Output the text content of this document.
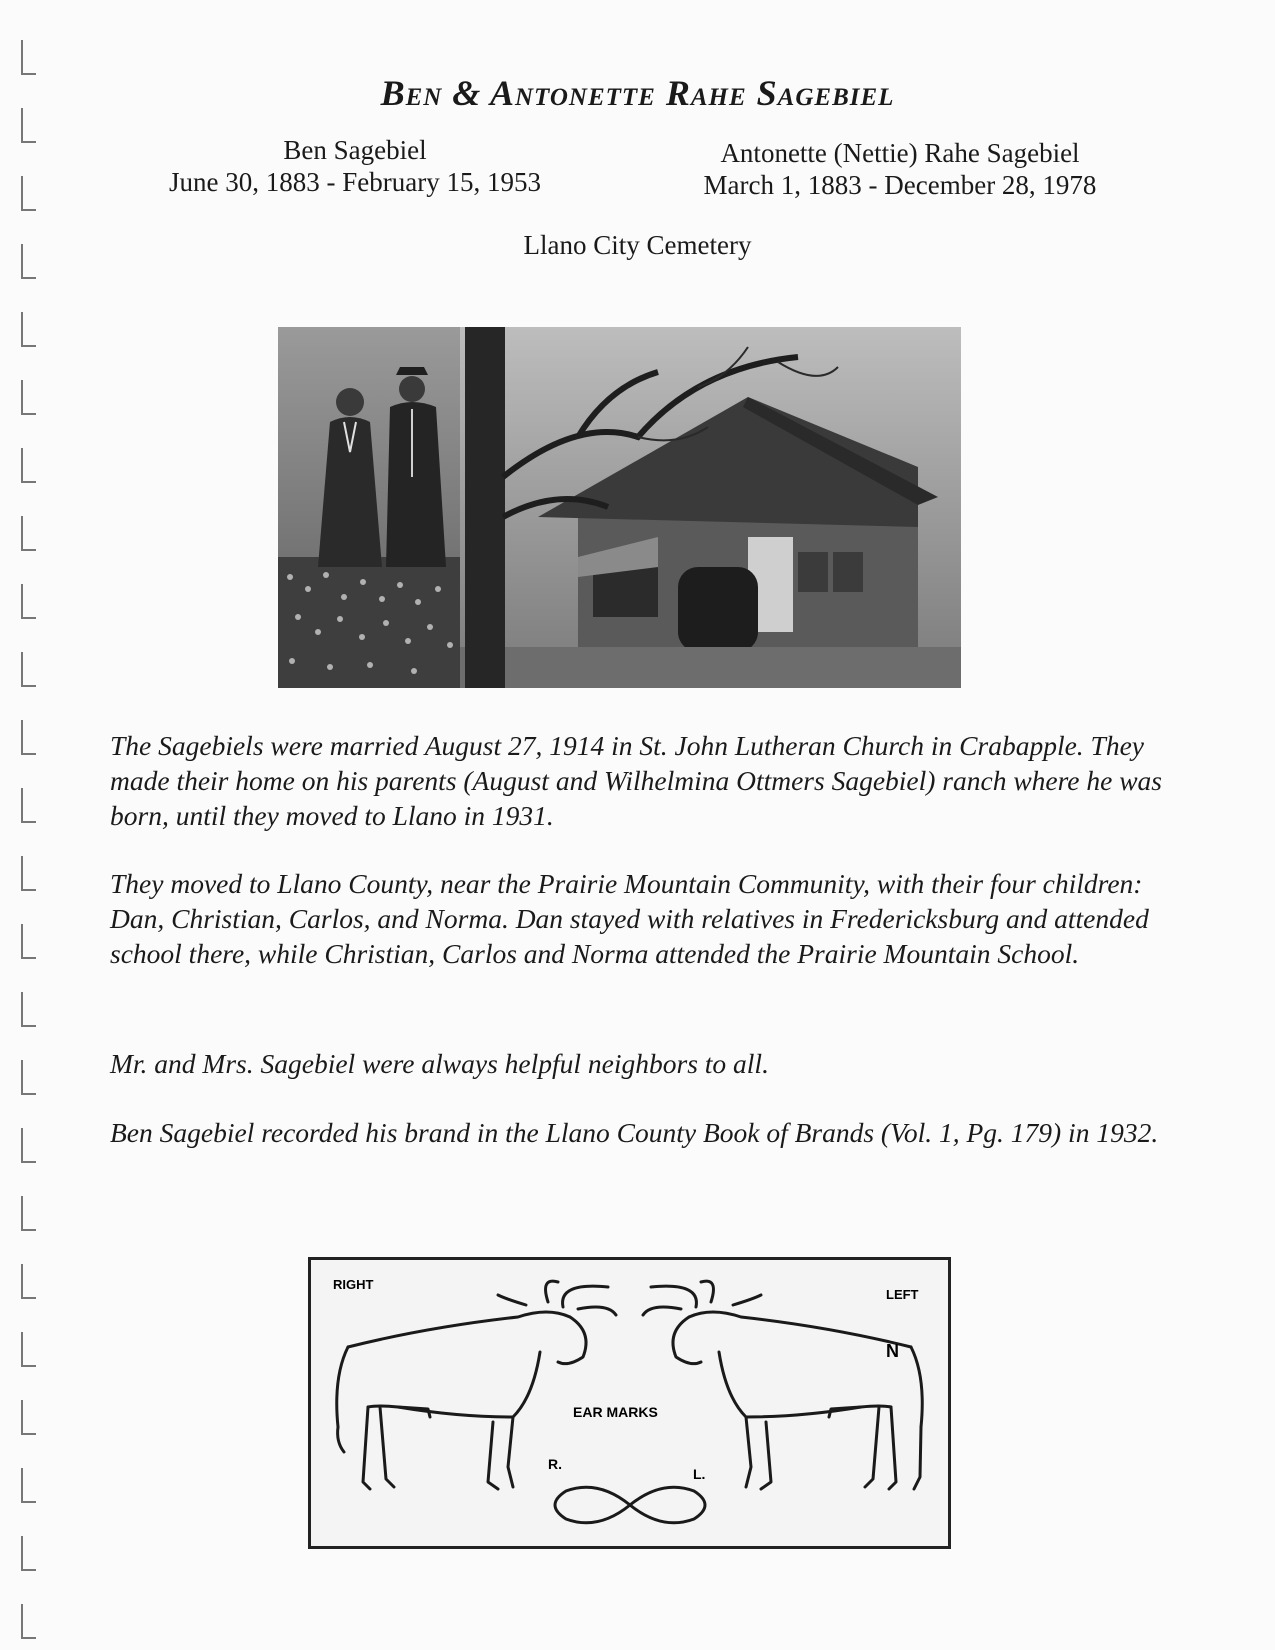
Ben & Antonette Rahe Sagebiel
Ben Sagebiel
June 30, 1883 - February 15, 1953
Antonette (Nettie) Rahe Sagebiel
March 1, 1883 - December 28, 1978
Llano City Cemetery

The Sagebiels were married August 27, 1914 in St. John Lutheran Church in Crabapple. They made their home on his parents (August and Wilhelmina Ottmers Sagebiel) ranch where he was born, until they moved to Llano in 1931.

They moved to Llano County, near the Prairie Mountain Community, with their four children: Dan, Christian, Carlos, and Norma. Dan stayed with relatives in Fredericksburg and attended school there, while Christian, Carlos and Norma attended the Prairie Mountain School.

Mr. and Mrs. Sagebiel were always helpful neighbors to all.

Ben Sagebiel recorded his brand in the Llano County Book of Brands (Vol. 1, Pg. 179) in 1932.

RIGHT
LEFT
N
EAR MARKS
R.
L.
